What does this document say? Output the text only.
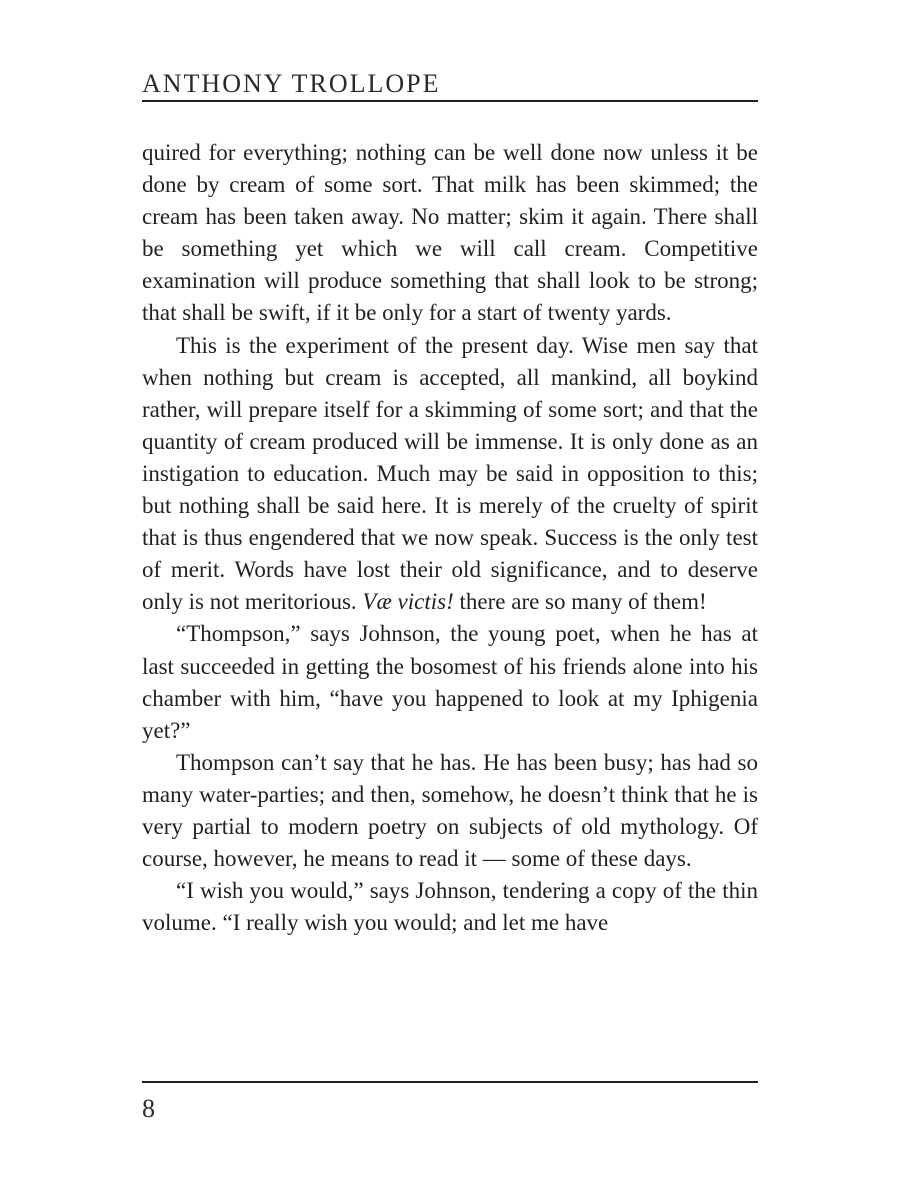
ANTHONY TROLLOPE

quired for everything; nothing can be well done now unless it be done by cream of some sort. That milk has been skimmed; the cream has been taken away. No matter; skim it again. There shall be something yet which we will call cream. Competitive examination will produce something that shall look to be strong; that shall be swift, if it be only for a start of twenty yards.

This is the experiment of the present day. Wise men say that when nothing but cream is accepted, all mankind, all boykind rather, will prepare itself for a skimming of some sort; and that the quantity of cream produced will be immense. It is only done as an instigation to education. Much may be said in opposition to this; but nothing shall be said here. It is merely of the cruelty of spirit that is thus engendered that we now speak. Success is the only test of merit. Words have lost their old significance, and to deserve only is not meritorious. Væ victis! there are so many of them!

“Thompson,” says Johnson, the young poet, when he has at last succeeded in getting the bosomest of his friends alone into his chamber with him, “have you happened to look at my Iphigenia yet?”

Thompson can’t say that he has. He has been busy; has had so many water-parties; and then, somehow, he doesn’t think that he is very partial to modern poetry on subjects of old mythology. Of course, however, he means to read it — some of these days.

“I wish you would,” says Johnson, tendering a copy of the thin volume. “I really wish you would; and let me have

8
